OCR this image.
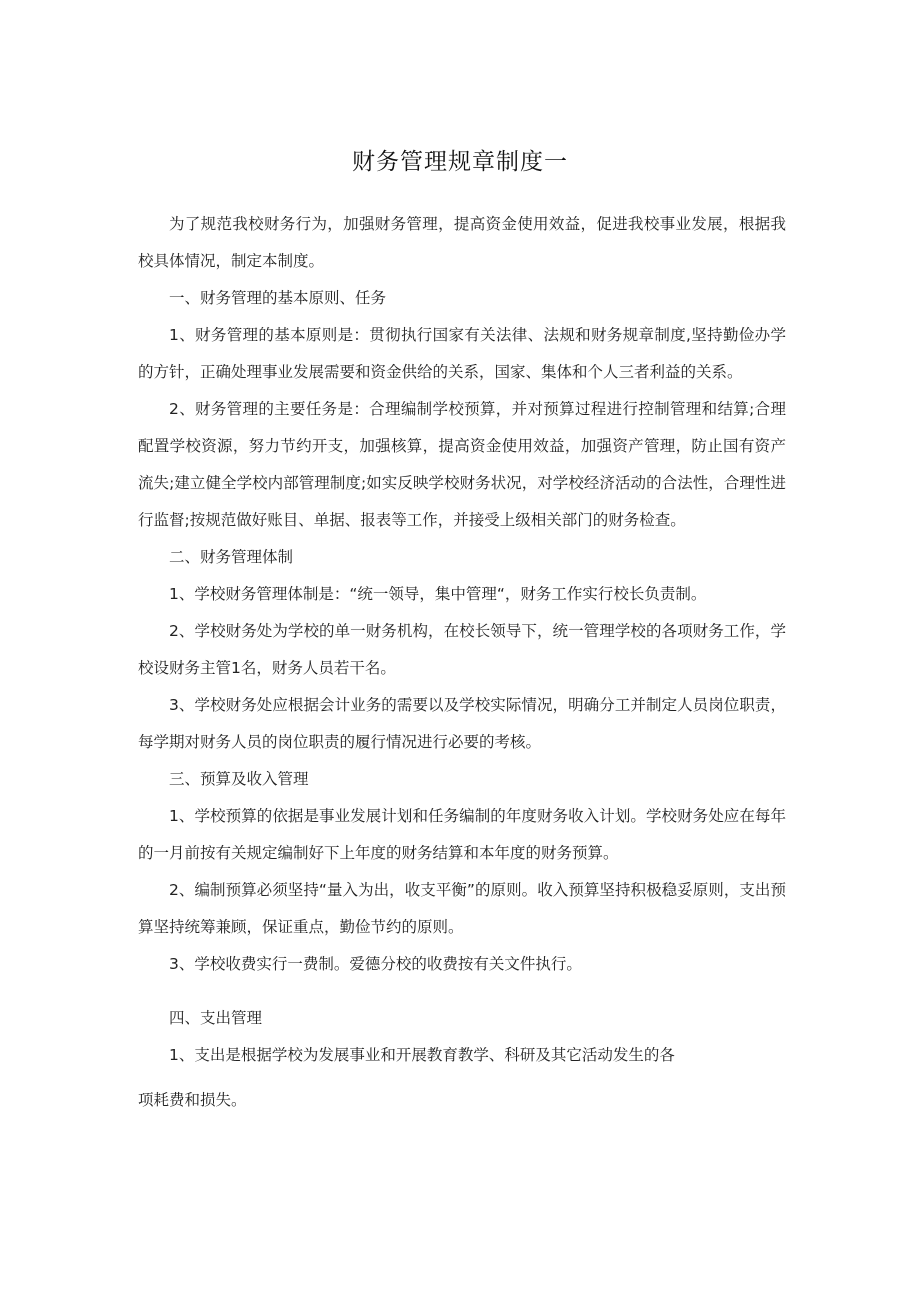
财务管理规章制度一

为了规范我校财务行为，加强财务管理，提高资金使用效益，促进我校事业发展，根据我校具体情况，制定本制度。

一、财务管理的基本原则、任务

1、财务管理的基本原则是：贯彻执行国家有关法律、法规和财务规章制度,坚持勤俭办学的方针，正确处理事业发展需要和资金供给的关系，国家、集体和个人三者利益的关系。

2、财务管理的主要任务是：合理编制学校预算，并对预算过程进行控制管理和结算;合理配置学校资源，努力节约开支，加强核算，提高资金使用效益，加强资产管理，防止国有资产流失;建立健全学校内部管理制度;如实反映学校财务状况，对学校经济活动的合法性，合理性进行监督;按规范做好账目、单据、报表等工作，并接受上级相关部门的财务检查。

二、财务管理体制

1、学校财务管理体制是：“统一领导，集中管理“，财务工作实行校长负责制。

2、学校财务处为学校的单一财务机构，在校长领导下，统一管理学校的各项财务工作，学校设财务主管1名，财务人员若干名。

3、学校财务处应根据会计业务的需要以及学校实际情况，明确分工并制定人员岗位职责，每学期对财务人员的岗位职责的履行情况进行必要的考核。

三、预算及收入管理

1、学校预算的依据是事业发展计划和任务编制的年度财务收入计划。学校财务处应在每年的一月前按有关规定编制好下上年度的财务结算和本年度的财务预算。

2、编制预算必须坚持“量入为出，收支平衡”的原则。收入预算坚持积极稳妥原则，支出预算坚持统筹兼顾，保证重点，勤俭节约的原则。

3、学校收费实行一费制。爱德分校的收费按有关文件执行。

四、支出管理

1、支出是根据学校为发展事业和开展教育教学、科研及其它活动发生的各

项耗费和损失。
